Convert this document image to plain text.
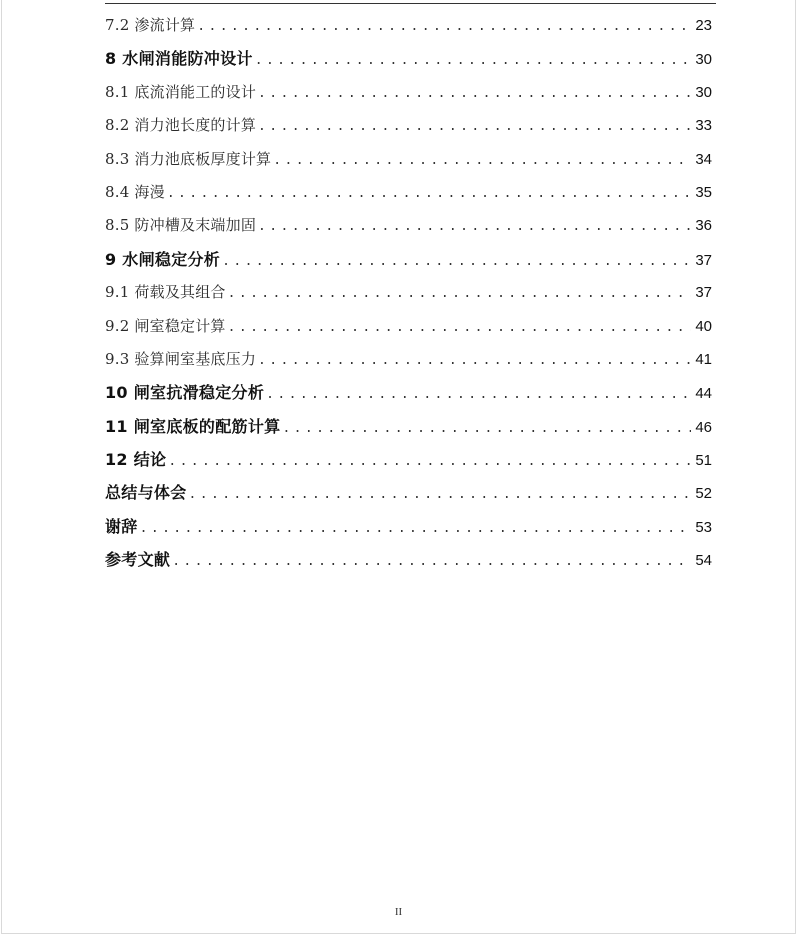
7.2 渗流计算 .....	23
8 水闸消能防冲设计 .....	30
8.1 底流消能工的设计 .....	30
8.2 消力池长度的计算 .....	33
8.3 消力池底板厚度计算 .....	34
8.4 海漫 .....	35
8.5 防冲槽及末端加固 .....	36
9 水闸稳定分析 .....	37
9.1 荷载及其组合 .....	37
9.2 闸室稳定计算 .....	40
9.3 验算闸室基底压力 .....	41
10 闸室抗滑稳定分析 .....	44
11 闸室底板的配筋计算 .....	46
12 结论 .....	51
总结与体会 .....	52
谢辞 .....	53
参考文献 .....	54
II
